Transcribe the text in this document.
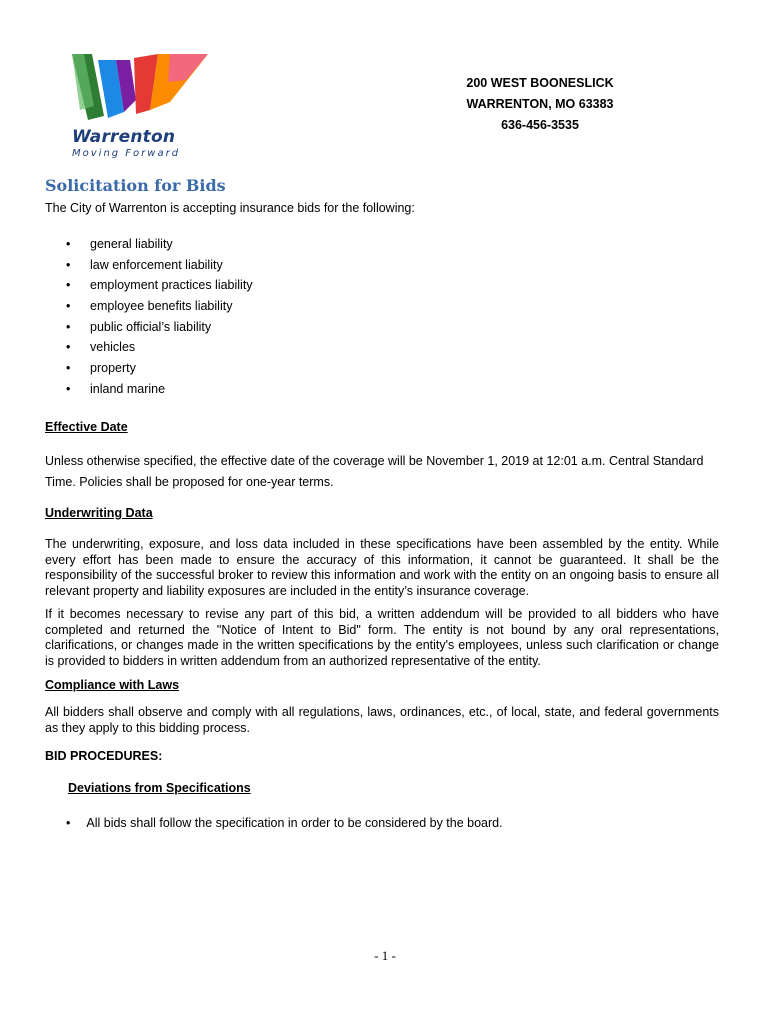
Warrenton
Moving Forward
200 WEST BOONESLICK
WARRENTON, MO 63383
636-456-3535
Solicitation for Bids
The City of Warrenton is accepting insurance bids for the following:
• general liability
• law enforcement liability
• employment practices liability
• employee benefits liability
• public official’s liability
• vehicles
• property
• inland marine
Effective Date
Unless otherwise specified, the effective date of the coverage will be November 1, 2019 at 12:01 a.m. Central Standard Time. Policies shall be proposed for one-year terms.
Underwriting Data
The underwriting, exposure, and loss data included in these specifications have been assembled by the entity. While every effort has been made to ensure the accuracy of this information, it cannot be guaranteed. It shall be the responsibility of the successful broker to review this information and work with the entity on an ongoing basis to ensure all relevant property and liability exposures are included in the entity’s insurance coverage.
If it becomes necessary to revise any part of this bid, a written addendum will be provided to all bidders who have completed and returned the "Notice of Intent to Bid" form. The entity is not bound by any oral representations, clarifications, or changes made in the written specifications by the entity's employees, unless such clarification or change is provided to bidders in written addendum from an authorized representative of the entity.
Compliance with Laws
All bidders shall observe and comply with all regulations, laws, ordinances, etc., of local, state, and federal governments as they apply to this bidding process.
BID PROCEDURES:
Deviations from Specifications
• All bids shall follow the specification in order to be considered by the board.
- 1 -
